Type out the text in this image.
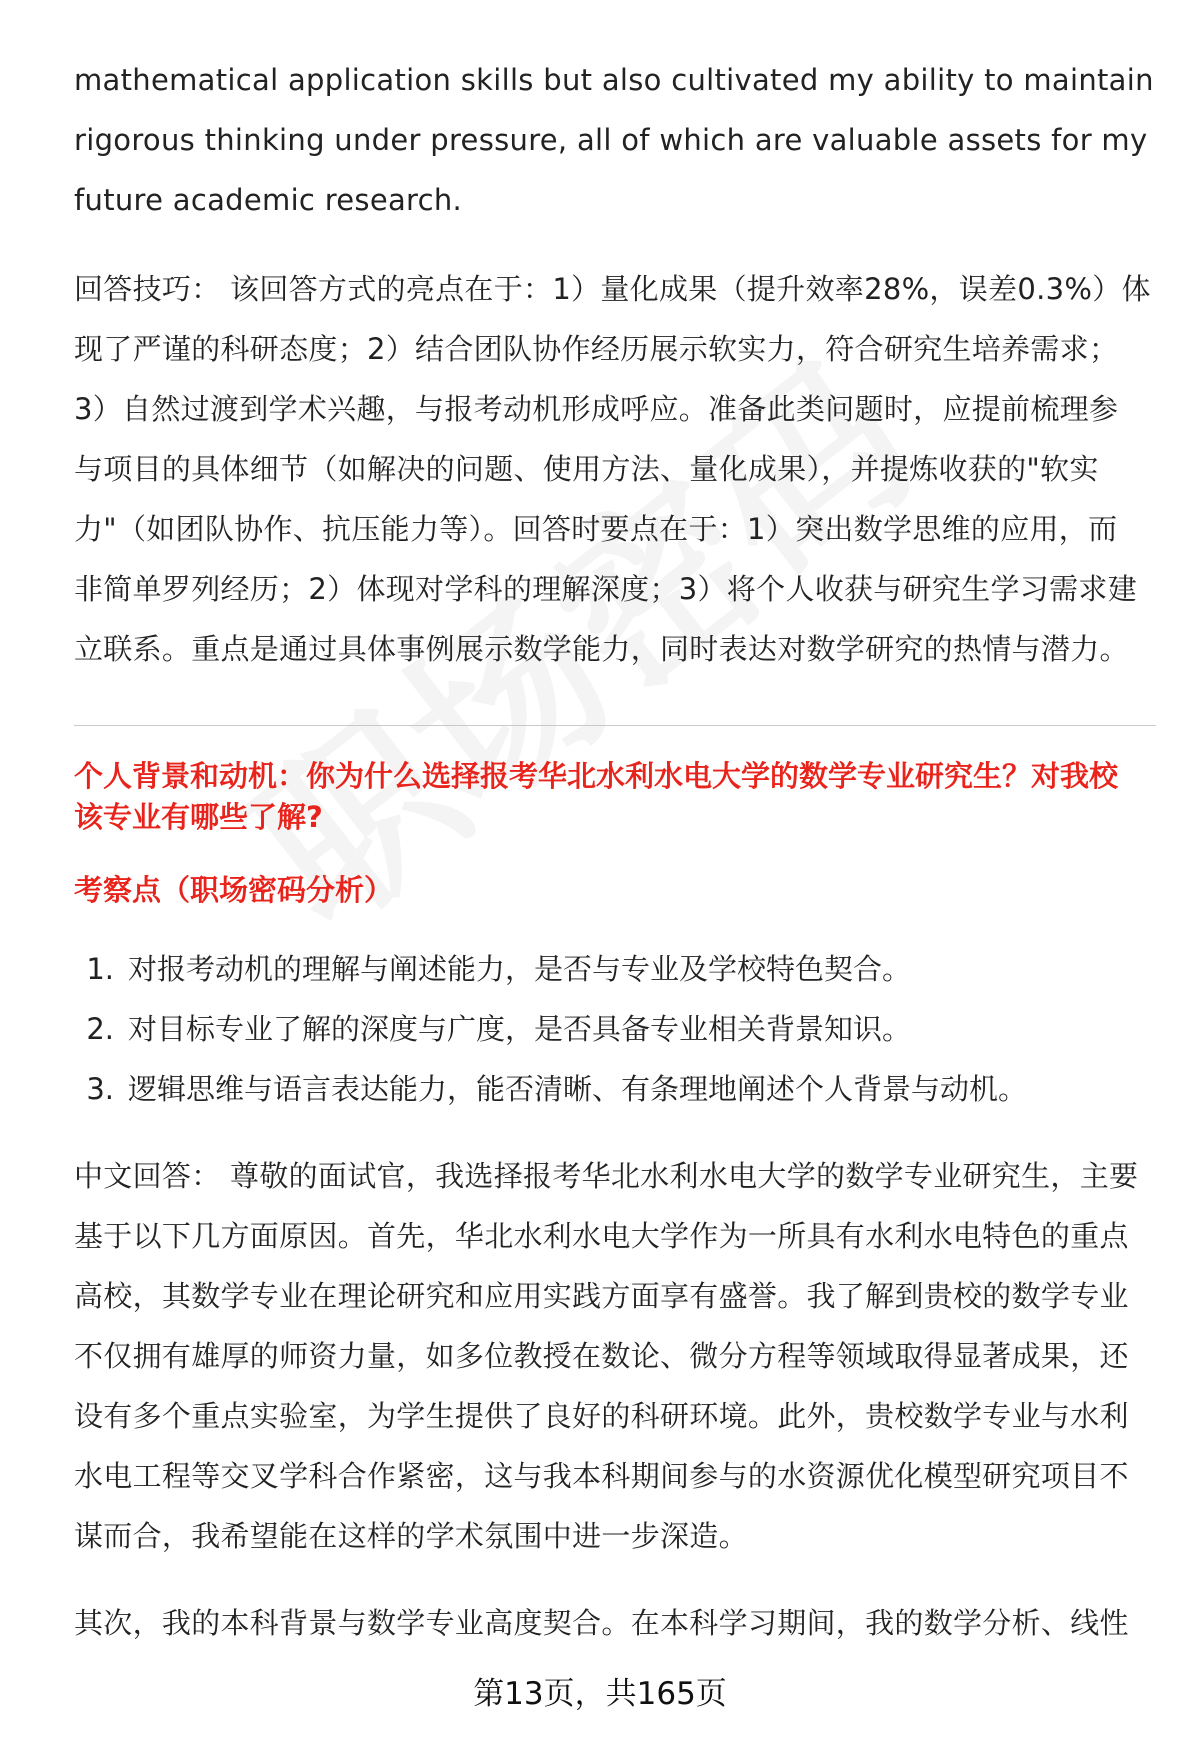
mathematical application skills but also cultivated my ability to maintain
rigorous thinking under pressure, all of which are valuable assets for my
future academic research.
回答技巧： 该回答方式的亮点在于：1）量化成果（提升效率28%，误差0.3%）体
现了严谨的科研态度；2）结合团队协作经历展示软实力，符合研究生培养需求；
3）自然过渡到学术兴趣，与报考动机形成呼应。准备此类问题时，应提前梳理参
与项目的具体细节（如解决的问题、使用方法、量化成果），并提炼收获的"软实
力"（如团队协作、抗压能力等）。回答时要点在于：1）突出数学思维的应用，而
非简单罗列经历；2）体现对学科的理解深度；3）将个人收获与研究生学习需求建
立联系。重点是通过具体事例展示数学能力，同时表达对数学研究的热情与潜力。
个人背景和动机：你为什么选择报考华北水利水电大学的数学专业研究生？对我校
该专业有哪些了解?
考察点（职场密码分析）
1. 对报考动机的理解与阐述能力，是否与专业及学校特色契合。
2. 对目标专业了解的深度与广度，是否具备专业相关背景知识。
3. 逻辑思维与语言表达能力，能否清晰、有条理地阐述个人背景与动机。
中文回答： 尊敬的面试官，我选择报考华北水利水电大学的数学专业研究生，主要
基于以下几方面原因。首先，华北水利水电大学作为一所具有水利水电特色的重点
高校，其数学专业在理论研究和应用实践方面享有盛誉。我了解到贵校的数学专业
不仅拥有雄厚的师资力量，如多位教授在数论、微分方程等领域取得显著成果，还
设有多个重点实验室，为学生提供了良好的科研环境。此外，贵校数学专业与水利
水电工程等交叉学科合作紧密，这与我本科期间参与的水资源优化模型研究项目不
谋而合，我希望能在这样的学术氛围中进一步深造。
其次，我的本科背景与数学专业高度契合。在本科学习期间，我的数学分析、线性
第13页，共165页
